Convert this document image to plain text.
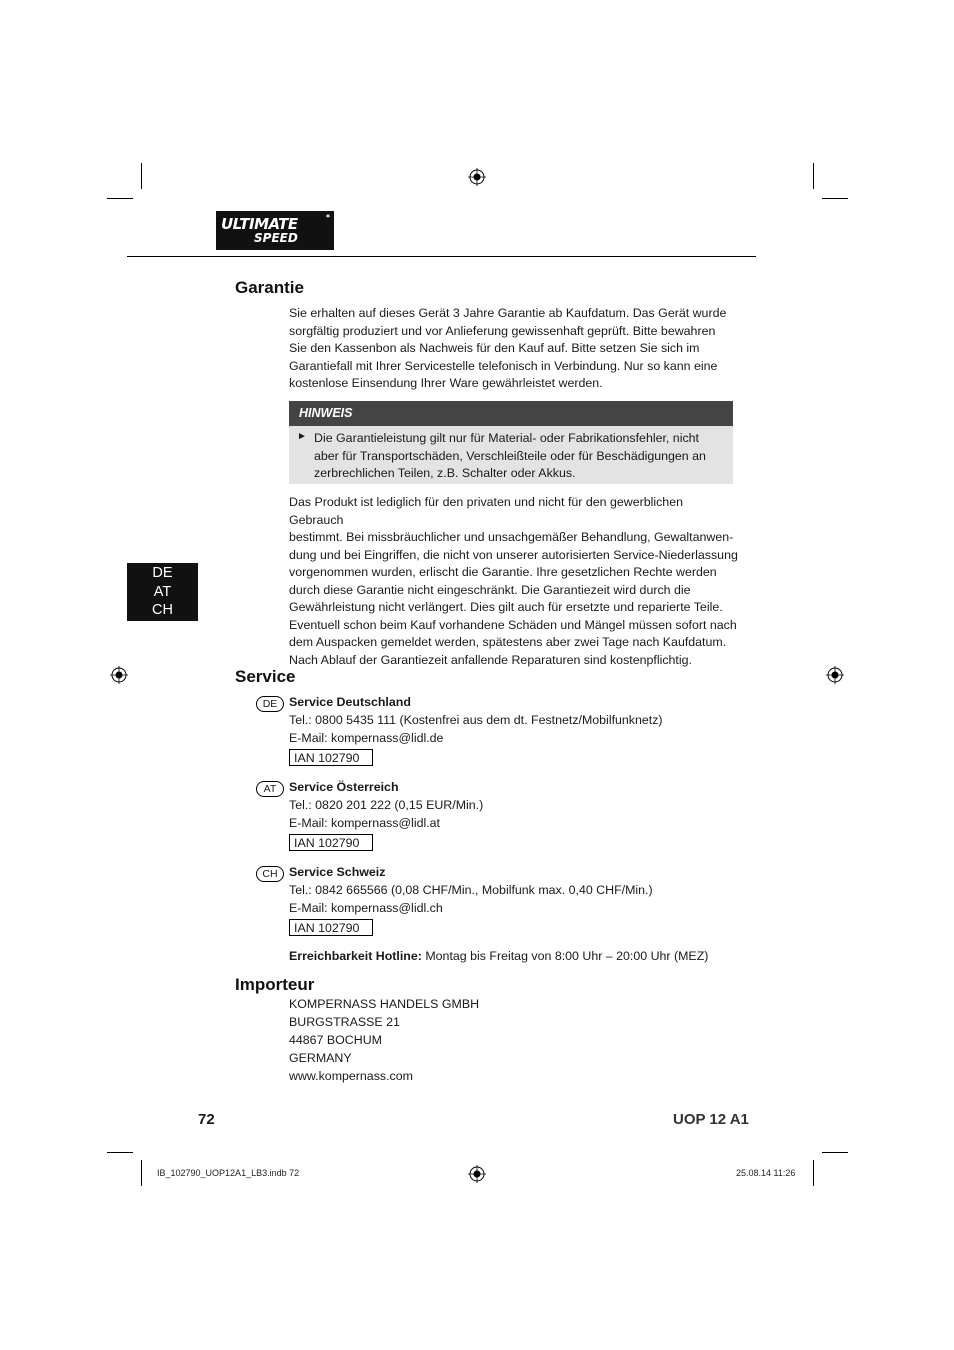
ULTIMATE
SPEED
*
Garantie
Sie erhalten auf dieses Gerät 3 Jahre Garantie ab Kaufdatum. Das Gerät wurde
sorgfältig produziert und vor Anlieferung gewissenhaft geprüft. Bitte bewahren
Sie den Kassenbon als Nachweis für den Kauf auf. Bitte setzen Sie sich im
Garantiefall mit Ihrer Servicestelle telefonisch in Verbindung. Nur so kann eine
kostenlose Einsendung Ihrer Ware gewährleistet werden.
HINWEIS
► Die Garantieleistung gilt nur für Material- oder Fabrikationsfehler, nicht
aber für Transportschäden, Verschleißteile oder für Beschädigungen an
zerbrechlichen Teilen, z.B. Schalter oder Akkus.
Das Produkt ist lediglich für den privaten und nicht für den gewerblichen Gebrauch
bestimmt. Bei missbräuchlicher und unsachgemäßer Behandlung, Gewaltanwen-
dung und bei Eingriffen, die nicht von unserer autorisierten Service-Niederlassung
vorgenommen wurden, erlischt die Garantie. Ihre gesetzlichen Rechte werden
durch diese Garantie nicht eingeschränkt. Die Garantiezeit wird durch die
Gewährleistung nicht verlängert. Dies gilt auch für ersetzte und reparierte Teile.
Eventuell schon beim Kauf vorhandene Schäden und Mängel müssen sofort nach
dem Auspacken gemeldet werden, spätestens aber zwei Tage nach Kaufdatum.
Nach Ablauf der Garantiezeit anfallende Reparaturen sind kostenpflichtig.
DE
AT
CH
Service
DE Service Deutschland
Tel.: 0800 5435 111 (Kostenfrei aus dem dt. Festnetz/Mobilfunknetz)
E-Mail: kompernass@lidl.de
IAN 102790
AT	Service Österreich
Tel.: 0820 201 222 (0,15 EUR/Min.)
E-Mail: kompernass@lidl.at
IAN 102790
CH Service Schweiz
Tel.: 0842 665566 (0,08 CHF/Min., Mobilfunk max. 0,40 CHF/Min.)
E-Mail: kompernass@lidl.ch
IAN 102790
Erreichbarkeit Hotline: Montag bis Freitag von 8:00 Uhr – 20:00 Uhr (MEZ)
Importeur
KOMPERNASS HANDELS GMBH
BURGSTRASSE 21
44867 BOCHUM
GERMANY
www.kompernass.com
72	UOP 12 A1
IB_102790_UOP12A1_LB3.indb 72	25.08.14 11:26
